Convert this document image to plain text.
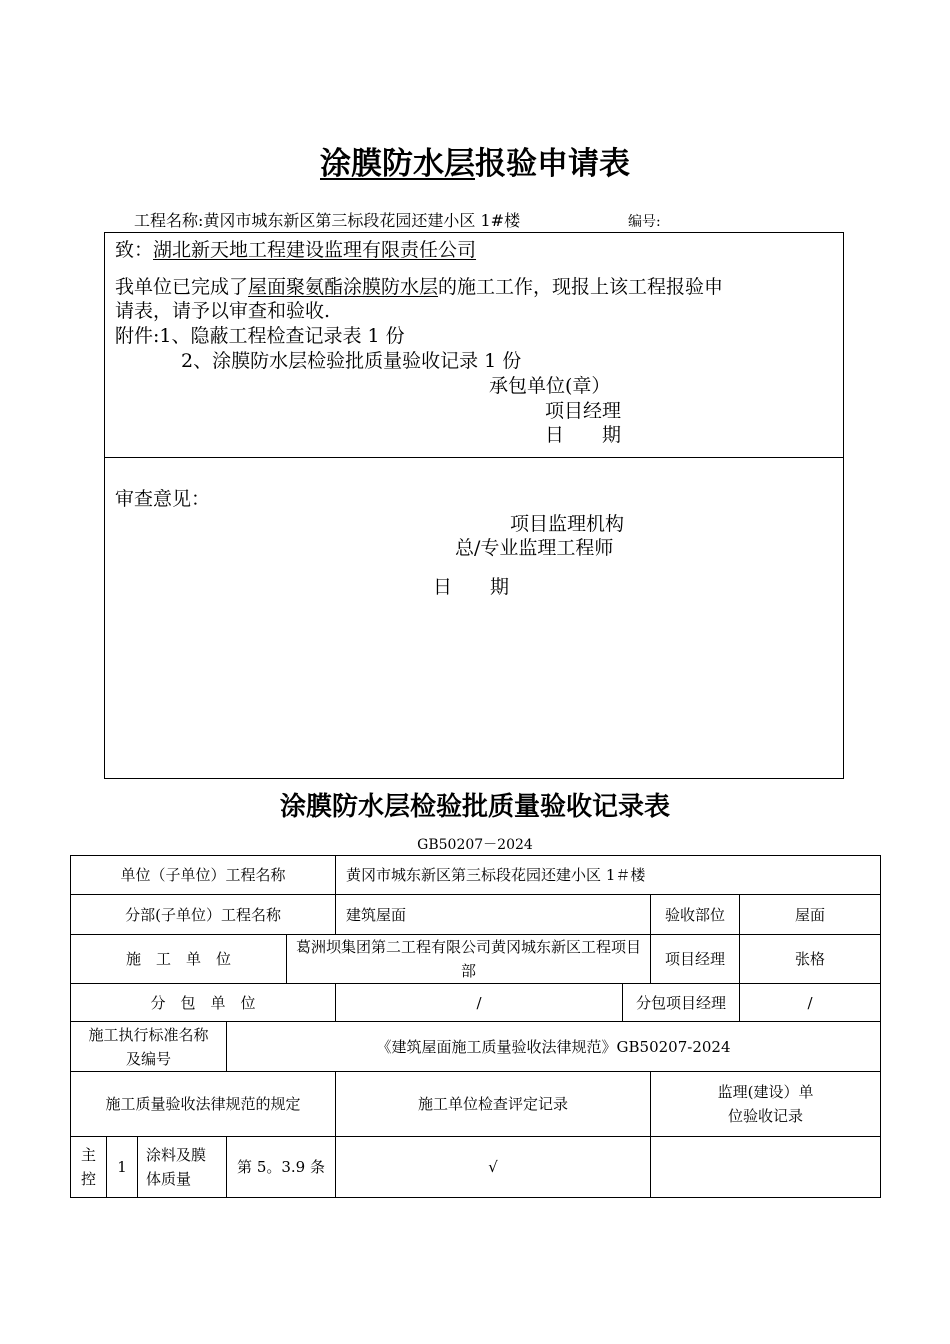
涂膜防水层报验申请表
工程名称:黄冈市城东新区第三标段花园还建小区 1#楼	编号:
致：湖北新天地工程建设监理有限责任公司
我单位已完成了屋面聚氨酯涂膜防水层的施工工作，现报上该工程报验申
请表，请予以审查和验收.
附件:1、隐蔽工程检查记录表 1 份
2、涂膜防水层检验批质量验收记录 1 份
承包单位(章）
项目经理
日　　期
审查意见：
项目监理机构
总/专业监理工程师
日　　期
涂膜防水层检验批质量验收记录表
GB50207－2024
单位（子单位）工程名称					黄冈市城东新区第三标段花园还建小区 1＃楼			
分部(子单位）工程名称					建筑屋面		验收部位	屋面
施　工　单　位				葛洲坝集团第二工程有限公司黄冈城东新区工程项目部			项目经理	张格
分　包　单　位					/	分包项目经理		/
施工执行标准名称
及编号			《建筑屋面施工质量验收法律规范》GB50207-2024					
施工质量验收法律规范的规定					施工单位检查评定记录		监理(建设）单
位验收记录	
主
控	1	涂料及膜
体质量	第 5。3.9 条		√			
